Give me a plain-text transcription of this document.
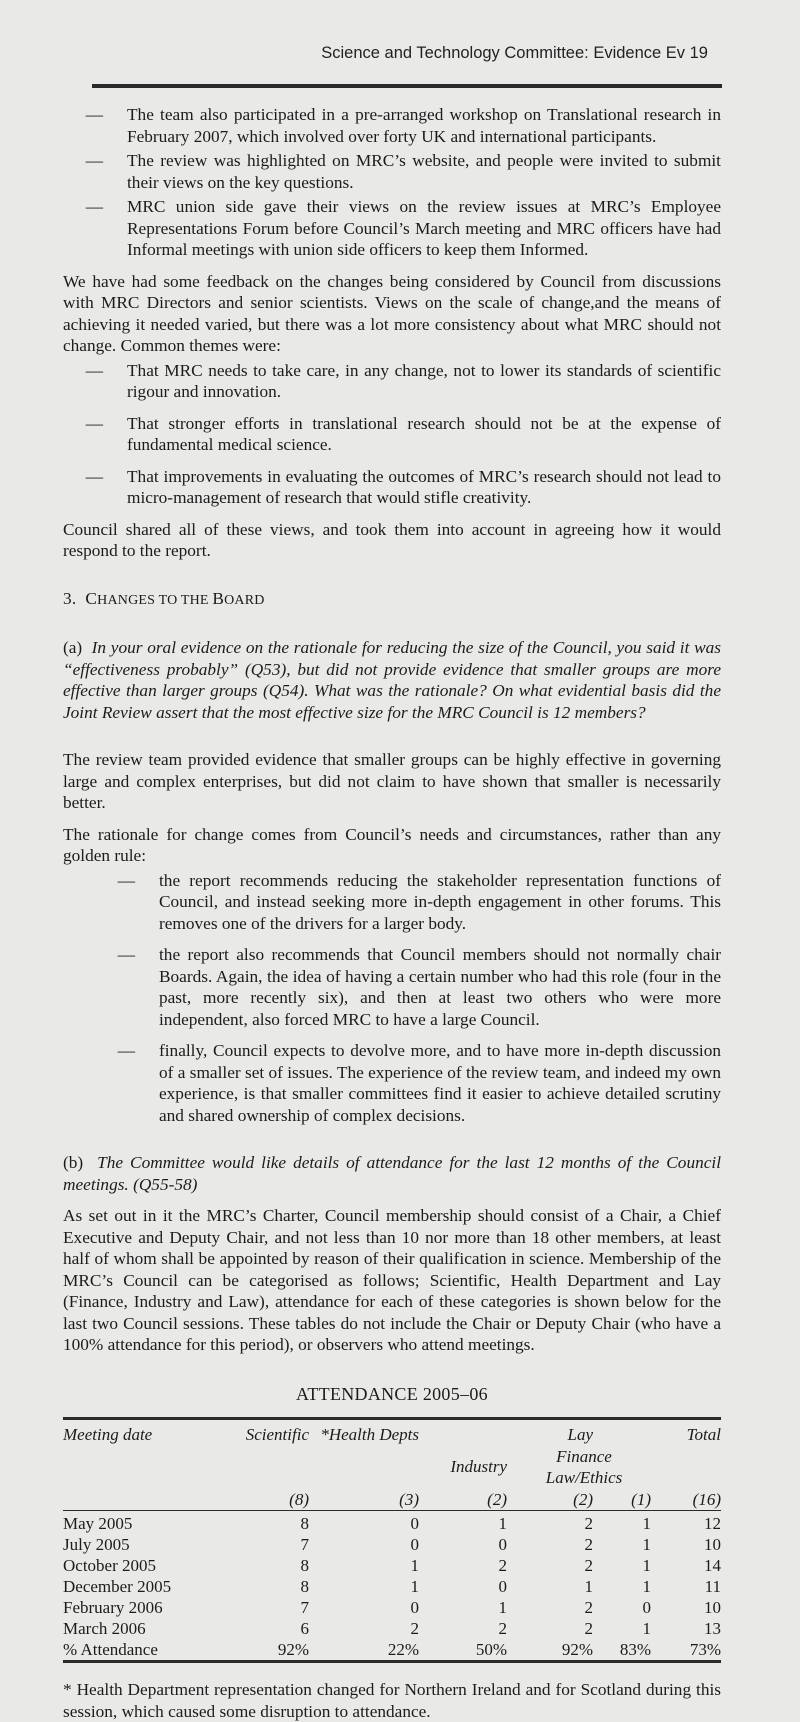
Science and Technology Committee: Evidence Ev 19
— The team also participated in a pre-arranged workshop on Translational research in February 2007, which involved over forty UK and international participants.
— The review was highlighted on MRC’s website, and people were invited to submit their views on the key questions.
— MRC union side gave their views on the review issues at MRC’s Employee Representations Forum before Council’s March meeting and MRC officers have had Informal meetings with union side officers to keep them Informed.

We have had some feedback on the changes being considered by Council from discussions with MRC Directors and senior scientists. Views on the scale of change,and the means of achieving it needed varied, but there was a lot more consistency about what MRC should not change. Common themes were:

— That MRC needs to take care, in any change, not to lower its standards of scientific rigour and innovation.
— That stronger efforts in translational research should not be at the expense of fundamental medical science.
— That improvements in evaluating the outcomes of MRC’s research should not lead to micro-management of research that would stifle creativity.

Council shared all of these views, and took them into account in agreeing how it would respond to the report.

3. CHANGES TO THE BOARD

(a) In your oral evidence on the rationale for reducing the size of the Council, you said it was “effectiveness probably” (Q53), but did not provide evidence that smaller groups are more effective than larger groups (Q54). What was the rationale? On what evidential basis did the Joint Review assert that the most effective size for the MRC Council is 12 members?

The review team provided evidence that smaller groups can be highly effective in governing large and complex enterprises, but did not claim to have shown that smaller is necessarily better.

The rationale for change comes from Council’s needs and circumstances, rather than any golden rule:

— the report recommends reducing the stakeholder representation functions of Council, and instead seeking more in-depth engagement in other forums. This removes one of the drivers for a larger body.
— the report also recommends that Council members should not normally chair Boards. Again, the idea of having a certain number who had this role (four in the past, more recently six), and then at least two others who were more independent, also forced MRC to have a large Council.
— finally, Council expects to devolve more, and to have more in-depth discussion of a smaller set of issues. The experience of the review team, and indeed my own experience, is that smaller committees find it easier to achieve detailed scrutiny and shared ownership of complex decisions.

(b) The Committee would like details of attendance for the last 12 months of the Council meetings. (Q55-58)

As set out in it the MRC’s Charter, Council membership should consist of a Chair, a Chief Executive and Deputy Chair, and not less than 10 nor more than 18 other members, at least half of whom shall be appointed by reason of their qualification in science. Membership of the MRC’s Council can be categorised as follows; Scientific, Health Department and Lay (Finance, Industry and Law), attendance for each of these categories is shown below for the last two Council sessions. These tables do not include the Chair or Deputy Chair (who have a 100% attendance for this period), or observers who attend meetings.

ATTENDANCE 2005–06

Meeting date	Scientific	*Health Depts		Lay		Total
			Industry	Finance Law/Ethics		
	(8)	(3)	(2)	(2)	(1)	(16)

May 2005	8	0	1	2	1	12
July 2005	7	0	0	2	1	10
October 2005	8	1	2	2	1	14
December 2005	8	1	0	1	1	11
February 2006	7	0	1	2	0	10
March 2006	6	2	2	2	1	13
% Attendance	92%	22%	50%	92%	83%	73%

* Health Department representation changed for Northern Ireland and for Scotland during this session, which caused some disruption to attendance.
